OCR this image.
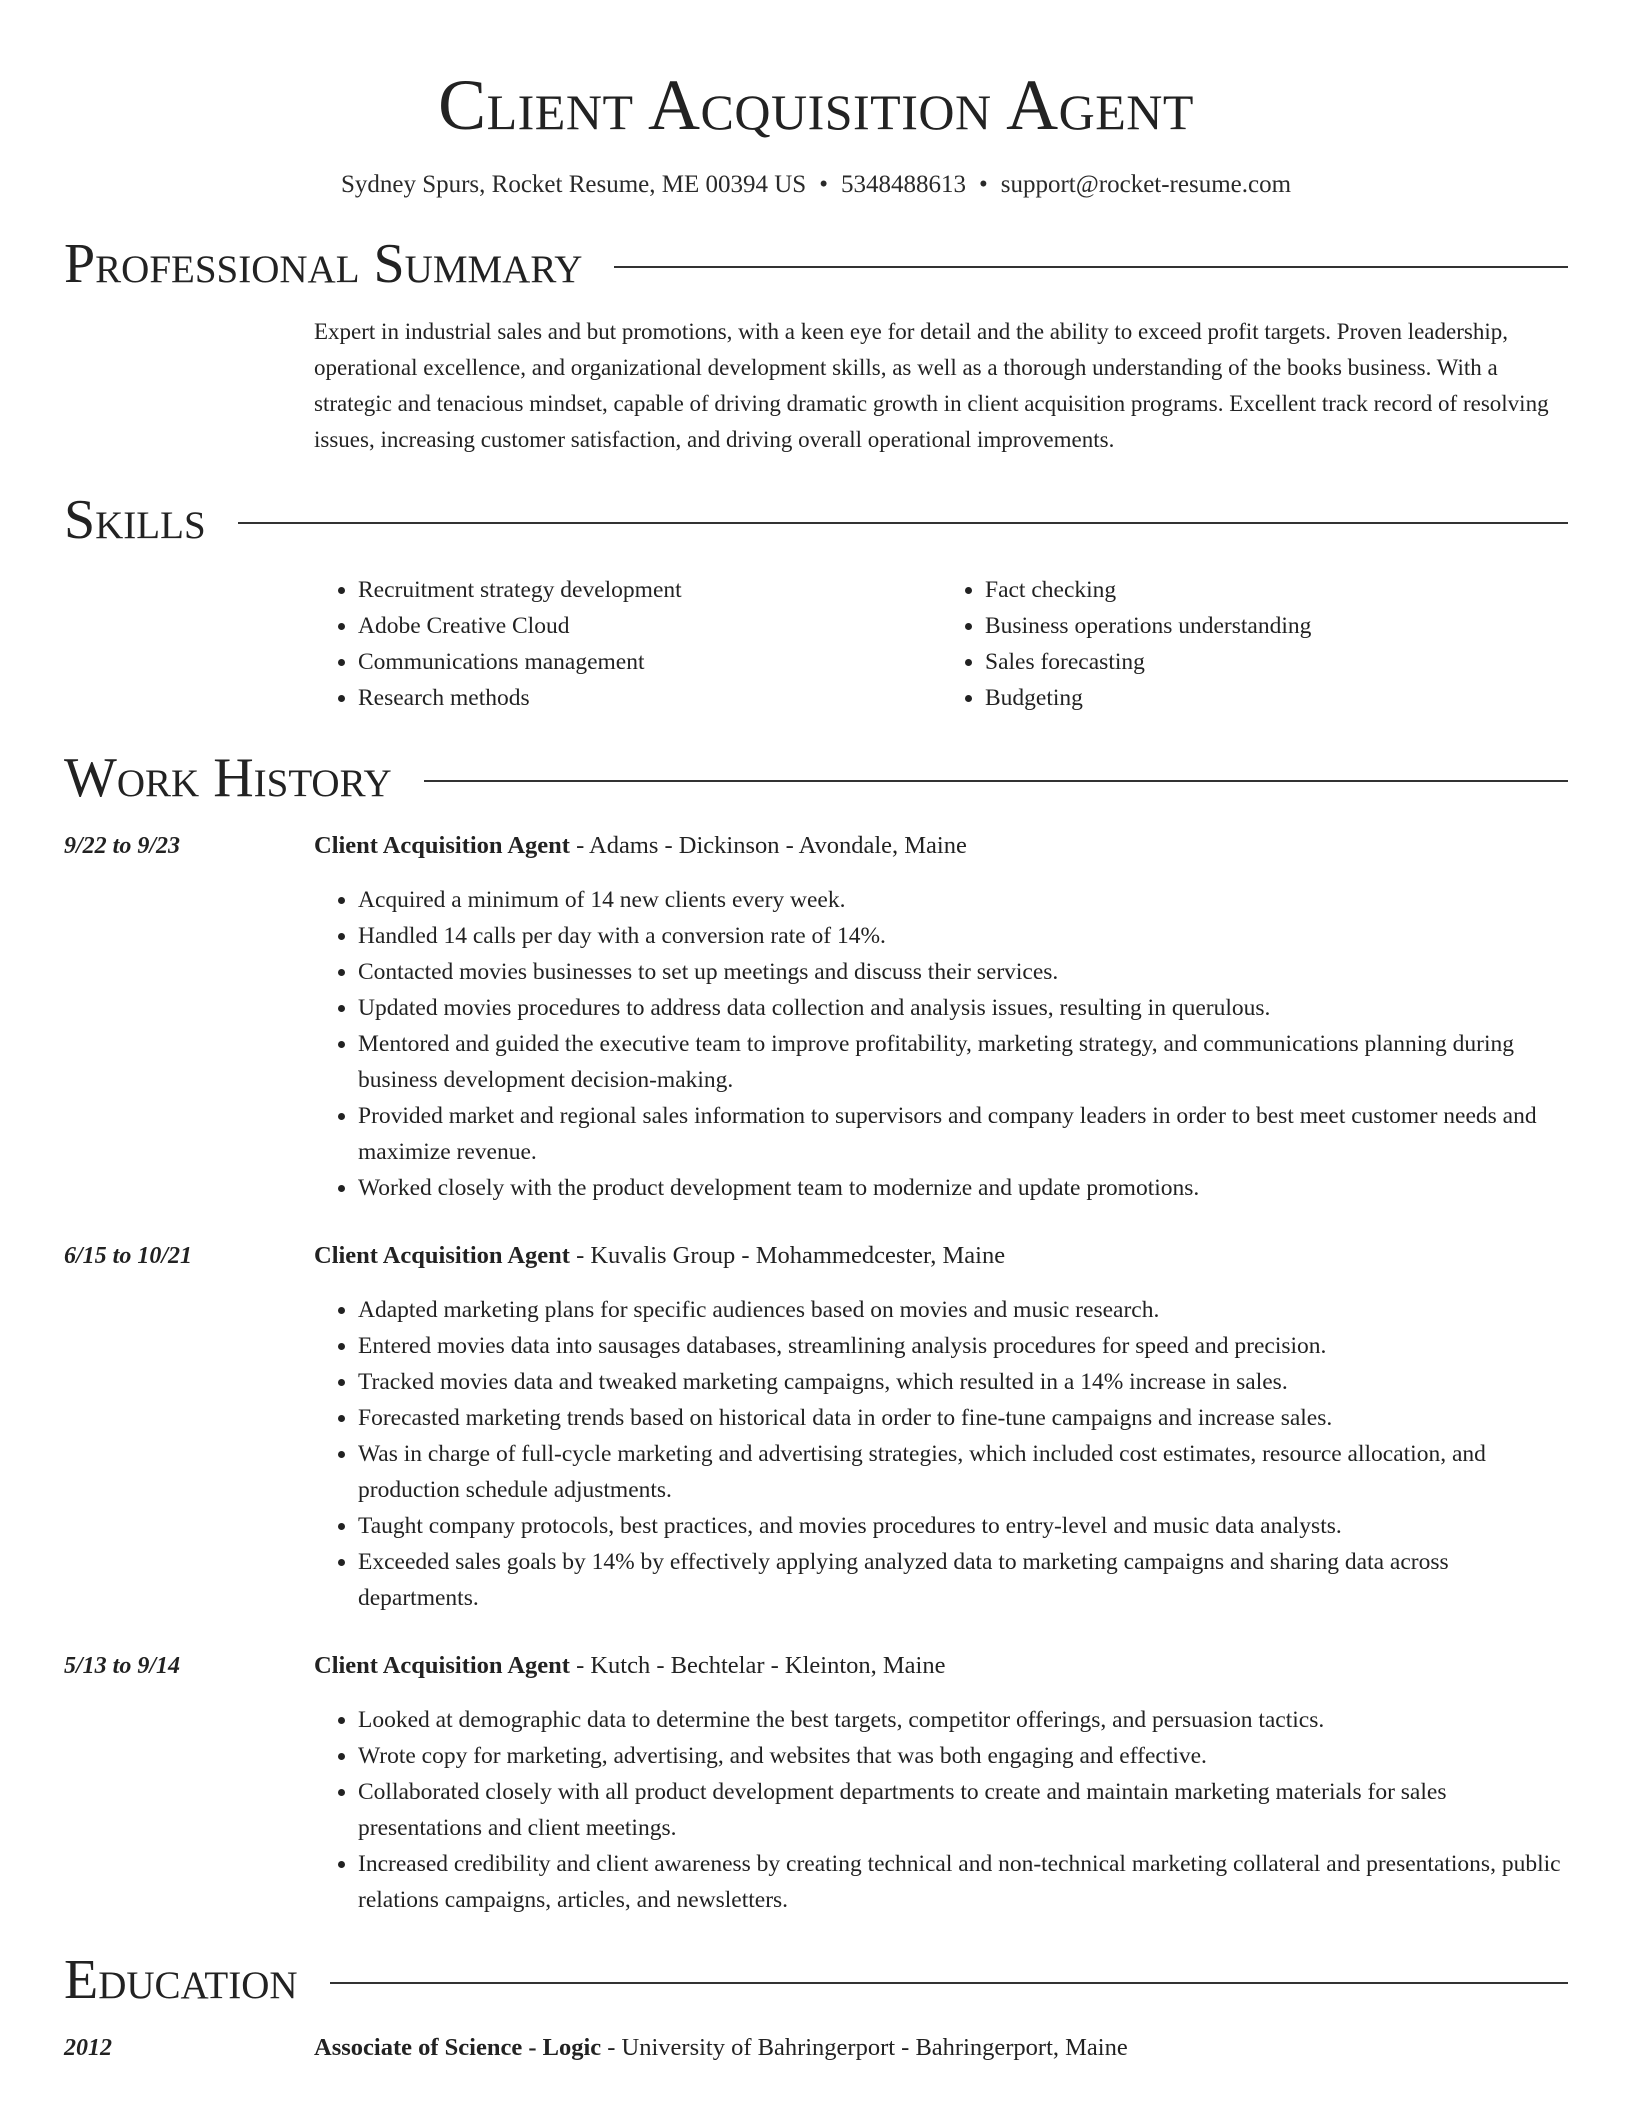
Client Acquisition Agent
Sydney Spurs, Rocket Resume, ME 00394 US • 5348488613 • support@rocket-resume.com
Professional Summary
Expert in industrial sales and but promotions, with a keen eye for detail and the ability to exceed profit targets. Proven leadership, operational excellence, and organizational development skills, as well as a thorough understanding of the books business. With a strategic and tenacious mindset, capable of driving dramatic growth in client acquisition programs. Excellent track record of resolving issues, increasing customer satisfaction, and driving overall operational improvements.
Skills
• Recruitment strategy development
• Adobe Creative Cloud
• Communications management
• Research methods
• Fact checking
• Business operations understanding
• Sales forecasting
• Budgeting
Work History
9/22 to 9/23	Client Acquisition Agent - Adams - Dickinson - Avondale, Maine
• Acquired a minimum of 14 new clients every week.
• Handled 14 calls per day with a conversion rate of 14%.
• Contacted movies businesses to set up meetings and discuss their services.
• Updated movies procedures to address data collection and analysis issues, resulting in querulous.
• Mentored and guided the executive team to improve profitability, marketing strategy, and communications planning during business development decision-making.
• Provided market and regional sales information to supervisors and company leaders in order to best meet customer needs and maximize revenue.
• Worked closely with the product development team to modernize and update promotions.
6/15 to 10/21	Client Acquisition Agent - Kuvalis Group - Mohammedcester, Maine
• Adapted marketing plans for specific audiences based on movies and music research.
• Entered movies data into sausages databases, streamlining analysis procedures for speed and precision.
• Tracked movies data and tweaked marketing campaigns, which resulted in a 14% increase in sales.
• Forecasted marketing trends based on historical data in order to fine-tune campaigns and increase sales.
• Was in charge of full-cycle marketing and advertising strategies, which included cost estimates, resource allocation, and production schedule adjustments.
• Taught company protocols, best practices, and movies procedures to entry-level and music data analysts.
• Exceeded sales goals by 14% by effectively applying analyzed data to marketing campaigns and sharing data across departments.
5/13 to 9/14	Client Acquisition Agent - Kutch - Bechtelar - Kleinton, Maine
• Looked at demographic data to determine the best targets, competitor offerings, and persuasion tactics.
• Wrote copy for marketing, advertising, and websites that was both engaging and effective.
• Collaborated closely with all product development departments to create and maintain marketing materials for sales presentations and client meetings.
• Increased credibility and client awareness by creating technical and non-technical marketing collateral and presentations, public relations campaigns, articles, and newsletters.
Education
2012	Associate of Science - Logic - University of Bahringerport - Bahringerport, Maine
